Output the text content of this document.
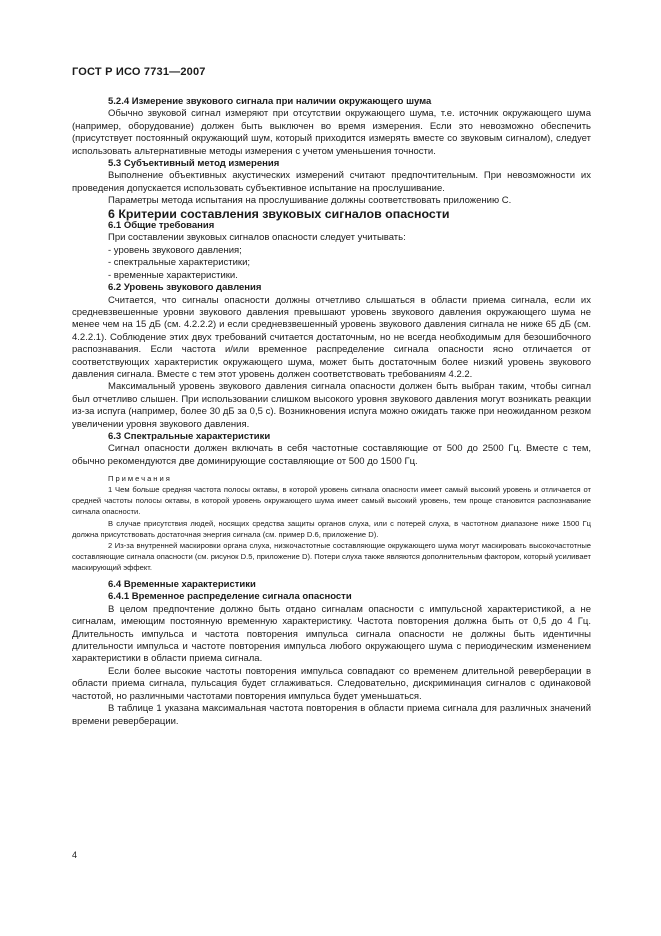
ГОСТ Р ИСО 7731—2007

5.2.4 Измерение звукового сигнала при наличии окружающего шума

Обычно звуковой сигнал измеряют при отсутствии окружающего шума, т.е. источник окружающего шума (например, оборудование) должен быть выключен во время измерения. Если это невозможно обеспечить (присутствует постоянный окружающий шум, который приходится измерять вместе со звуковым сигналом), следует использовать альтернативные методы измерения с учетом уменьшения точности.

5.3 Субъективный метод измерения

Выполнение объективных акустических измерений считают предпочтительным. При невозможности их проведения допускается использовать субъективное испытание на прослушивание.

Параметры метода испытания на прослушивание должны соответствовать приложению С.

6 Критерии составления звуковых сигналов опасности

6.1 Общие требования

При составлении звуковых сигналов опасности следует учитывать:

- уровень звукового давления;

- спектральные характеристики;

- временные характеристики.

6.2 Уровень звукового давления

Считается, что сигналы опасности должны отчетливо слышаться в области приема сигнала, если их средневзвешенные уровни звукового давления превышают уровень звукового давления окружающего шума не менее чем на 15 дБ (см. 4.2.2.2) и если средневзвешенный уровень звукового давления сигнала не ниже 65 дБ (см. 4.2.2.1). Соблюдение этих двух требований считается достаточным, но не всегда необходимым для безошибочного распознавания. Если частота и/или временное распределение сигнала опасности ясно отличается от соответствующих характеристик окружающего шума, может быть достаточным более низкий уровень звукового давления сигнала. Вместе с тем этот уровень должен соответствовать требованиям 4.2.2.

Максимальный уровень звукового давления сигнала опасности должен быть выбран таким, чтобы сигнал был отчетливо слышен. При использовании слишком высокого уровня звукового давления могут возникать реакции из-за испуга (например, более 30 дБ за 0,5 с). Возникновения испуга можно ожидать также при неожиданном резком увеличении уровня звукового давления.

6.3 Спектральные характеристики

Сигнал опасности должен включать в себя частотные составляющие от 500 до 2500 Гц. Вместе с тем, обычно рекомендуются две доминирующие составляющие от 500 до 1500 Гц.

Примечания

1 Чем больше средняя частота полосы октавы, в которой уровень сигнала опасности имеет самый высокий уровень и отличается от средней частоты полосы октавы, в которой уровень окружающего шума имеет самый высокий уровень, тем проще становится распознавание сигнала опасности.

В случае присутствия людей, носящих средства защиты органов слуха, или с потерей слуха, в частотном диапазоне ниже 1500 Гц должна присутствовать достаточная энергия сигнала (см. пример D.6, приложение D).

2 Из-за внутренней маскировки органа слуха, низкочастотные составляющие окружающего шума могут маскировать высокочастотные составляющие сигнала опасности (см. рисунок D.5, приложение D). Потери слуха также являются дополнительным фактором, который усиливает маскирующий эффект.

6.4 Временные характеристики

6.4.1 Временное распределение сигнала опасности

В целом предпочтение должно быть отдано сигналам опасности с импульсной характеристикой, а не сигналам, имеющим постоянную временную характеристику. Частота повторения должна быть от 0,5 до 4 Гц. Длительность импульса и частота повторения импульса сигнала опасности не должны быть идентичны длительности импульса и частоте повторения импульса любого окружающего шума с периодическим изменением характеристики в области приема сигнала.

Если более высокие частоты повторения импульса совпадают со временем длительной реверберации в области приема сигнала, пульсация будет сглаживаться. Следовательно, дискриминация сигналов с одинаковой частотой, но различными частотами повторения импульса будет уменьшаться.

В таблице 1 указана максимальная частота повторения в области приема сигнала для различных значений времени реверберации.

4
